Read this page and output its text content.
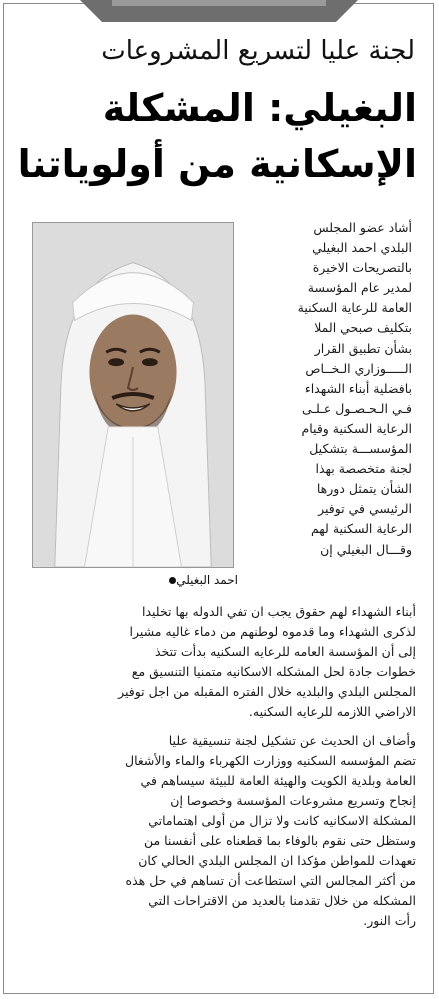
لجنة عليا لتسريع المشروعات
البغيلي: المشكلة
الإسكانية من أولوياتنا
احمد البغيلي
أشاد عضو المجلس
البلدي احمد البغيلي
بالتصريحات الاخيرة
لمدير عام المؤسسة
العامة للرعاية السكنية
بتكليف صبحي الملا
بشأن تطبيق القرار
الـــــوزاري الـخــاص
بافضلية أبناء الشهداء
فـي الـحـصـول عـلـى
الرعاية السكنية وقيام
المؤسســـة بتشكيل
لجنة متخصصة بهذا
الشأن يتمثل دورها
الرئيسي في توفير
الرعاية السكنية لهم
وقـــال البغيلي إن
أبناء الشهداء لهم حقوق يجب ان تفي الدوله بها تخليدا
لذكرى الشهداء وما قدموه لوطنهم من دماء غاليه مشيرا
إلى أن المؤسسة العامه للرعايه السكنيه بدأت تتخذ
خطوات جادة لحل المشكله الاسكانيه متمنيا التنسيق مع
المجلس البلدي والبلديه خلال الفتره المقبله من اجل توفير
الاراضي اللازمه للرعايه السكنيه.
وأضاف ان الحديث عن تشكيل لجنة تنسيقية عليا
تضم المؤسسه السكنيه ووزارت الكهرباء والماء والأشغال
العامة وبلدية الكويت والهيئة العامة للبيئة سيساهم في
إنجاح وتسريع مشروعات المؤسسة وخصوصا إن
المشكلة الاسكانيه كانت ولا تزال من أولى اهتماماتي
وستظل حتى نقوم بالوفاء بما قطعناه على أنفسنا من
تعهدات للمواطن مؤكدا ان المجلس البلدي الحالي كان
من أكثر المجالس التي استطاعت أن تساهم في حل هذه
المشكله من خلال تقدمنا بالعديد من الاقتراحات التي
رأت النور.
